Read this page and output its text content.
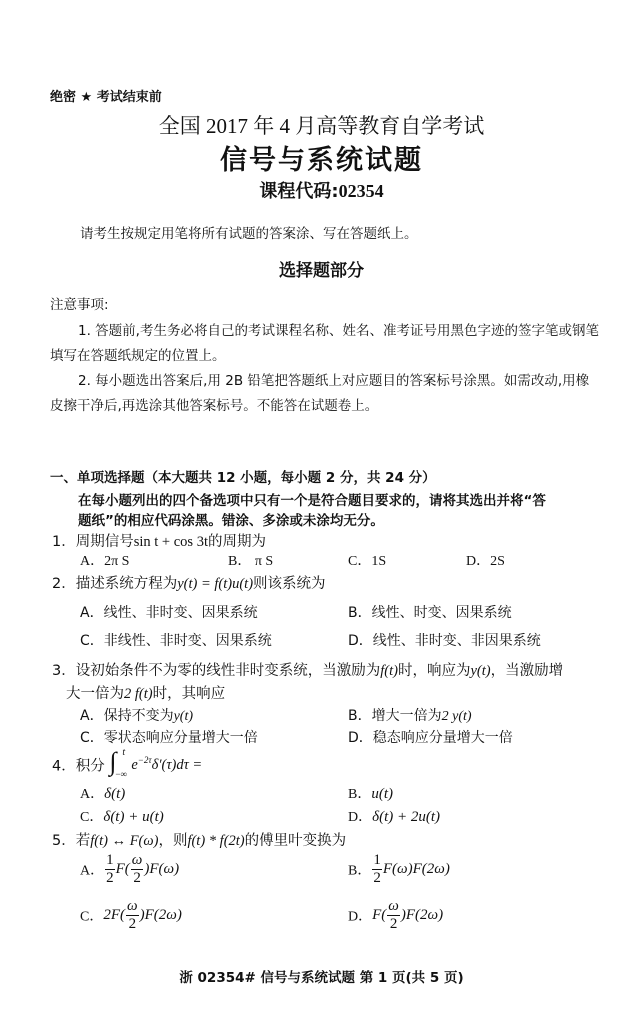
绝密 ★ 考试结束前
全国 2017 年 4 月高等教育自学考试
信号与系统试题
课程代码:02354
请考生按规定用笔将所有试题的答案涂、写在答题纸上。
选择题部分
注意事项:
1. 答题前,考生务必将自己的考试课程名称、姓名、准考证号用黑色字迹的签字笔或钢笔
填写在答题纸规定的位置上。
2. 每小题选出答案后,用 2B 铅笔把答题纸上对应题目的答案标号涂黑。如需改动,用橡
皮擦干净后,再选涂其他答案标号。不能答在试题卷上。
一、单项选择题（本大题共 12 小题，每小题 2 分，共 24 分）
在每小题列出的四个备选项中只有一个是符合题目要求的，请将其选出并将“答
题纸”的相应代码涂黑。错涂、多涂或未涂均无分。
1．周期信号sin t + cos 3t的周期为
A．2π S	B． π S	C．1S	D．2S
2．描述系统方程为y(t) = f(t)u(t)则该系统为
A．线性、非时变、因果系统	B．线性、时变、因果系统
C．非线性、非时变、因果系统	D．线性、非时变、非因果系统
3．设初始条件不为零的线性非时变系统，当激励为f(t)时，响应为y(t)，当激励增
大一倍为2 f(t)时，其响应
A．保持不变为y(t)	B．增大一倍为2 y(t)
C．零状态响应分量增大一倍	D．稳态响应分量增大一倍
4．积分 ∫ t
−∞
$e^{-2\tau}\delta'(\tau)d\tau$ =
A．δ(t)	B．u(t)
C．δ(t) + u(t)	D．δ(t) + 2u(t)
5．若f(t) ↔ F(ω)，则f(t) * f(2t)的傅里叶变换为
A． $\frac{1}{2} F( \frac{\omega}{2} )F(\omega)$	B． $\frac{1}{2} F(\omega)F(2\omega)$
C．$2F( \frac{\omega}{2} )F(2\omega)$	D．$F( \frac{\omega}{2} )F(2\omega)$
浙 02354# 信号与系统试题 第 1 页(共 5 页)
